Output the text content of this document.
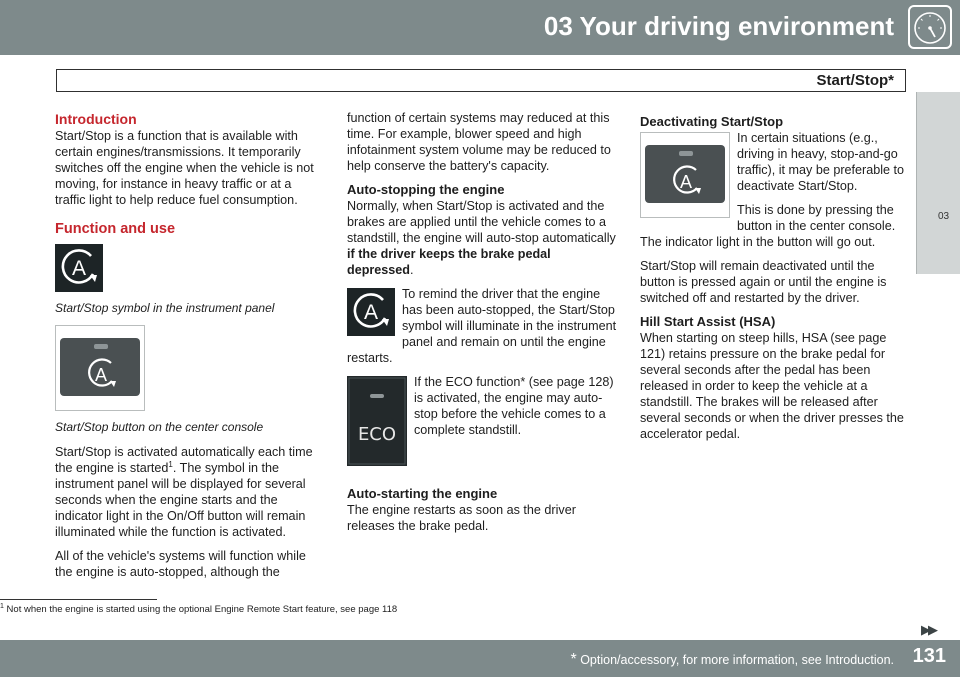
03 Your driving environment
Start/Stop*
03
Introduction

Start/Stop is a function that is available with certain engines/transmissions. It temporarily switches off the engine when the vehicle is not moving, for instance in heavy traffic or at a traffic light to help reduce fuel consumption.

Function and use
A
Start/Stop symbol in the instrument panel
A
Start/Stop button on the center console

Start/Stop is activated automatically each time the engine is started$^1$. The symbol in the instrument panel will be displayed for several seconds when the engine starts and the indicator light in the On/Off button will remain illuminated while the function is activated.

All of the vehicle's systems will function while the engine is auto-stopped, although the

function of certain systems may reduced at this time. For example, blower speed and high infotainment system volume may be reduced to help conserve the battery's capacity.

Auto-stopping the engine

Normally, when Start/Stop is activated and the brakes are applied until the vehicle comes to a standstill, the engine will auto-stop automatically if the driver keeps the brake pedal depressed.

A

To remind the driver that the engine has been auto-stopped, the Start/Stop symbol will illuminate in the instrument panel and remain on until the engine restarts.

ECO

If the ECO function* (see page 128) is activated, the engine may auto-stop before the vehicle comes to a complete standstill.

Auto-starting the engine

The engine restarts as soon as the driver releases the brake pedal.

Deactivating Start/Stop
A

In certain situations (e.g., driving in heavy, stop-and-go traffic), it may be preferable to deactivate Start/Stop.

This is done by pressing the button in the center console. The indicator light in the button will go out.

Start/Stop will remain deactivated until the button is pressed again or until the engine is switched off and restarted by the driver.

Hill Start Assist (HSA)

When starting on steep hills, HSA (see page 121) retains pressure on the brake pedal for several seconds after the pedal has been released in order to keep the vehicle at a standstill. The brakes will be released after several seconds or when the driver presses the accelerator pedal.

$^1$ Not when the engine is started using the optional Engine Remote Start feature, see page 118
▶▶
* Option/accessory, for more information, see Introduction. 131
